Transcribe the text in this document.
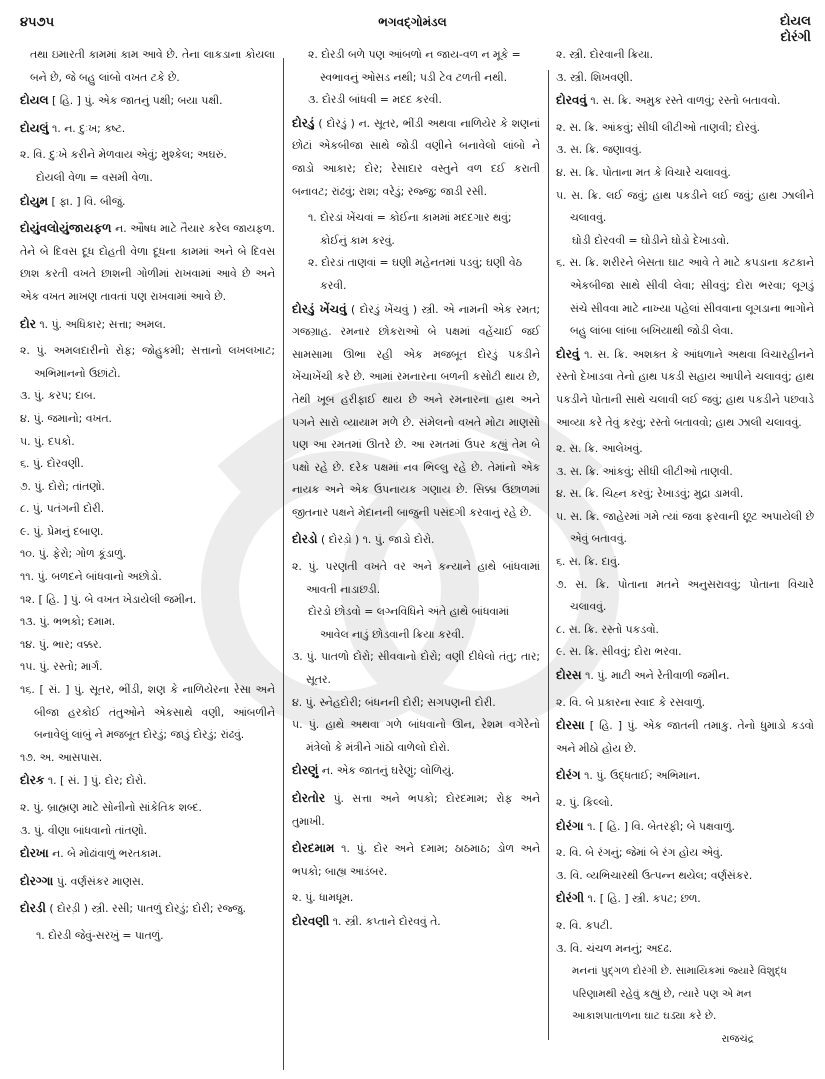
૪૫૭૫	ભગવદ્‌ગોમંડલ	દોયલ
દોરંગી

તથા ઇમારતી કામમાં કામ આવે છે. તેના લાકડાના કોયલા બને છે, જે બહુ લાંબો વખત ટકે છે.

દોયલ [ હિ. ] પું. એક જાતનું પક્ષી; બયા પક્ષી.

દોયલું ૧. ન. દુઃખ; કષ્ટ.

૨. વિ. દુઃખે કરીને મેળવાય એવું; મુશ્કેલ; અઘરું.

દોયલી વેળા = વસમી વેળા.

દોયુમ [ ફા. ] વિ. બીજું.

દોયુંવલોયુંજાયફળ ન. ઔષધ માટે તૈયાર કરેલ જાયફળ. તેને બે દિવસ દૂધ દોહતી વેળા દૂધના કામમાં અને બે દિવસ છાશ કરતી વખતે છાશની ગોળીમાં રાખવામાં આવે છે અને એક વખત માખણ તાવતાં પણ રાખવામાં આવે છે.

દોર ૧. પું. અધિકાર; સત્તા; અમલ.

૨. પું. અમલદારીનો રોફ; જોહુકમી; સત્તાનો લખલખાટ; અભિમાનનો ઉછાંટો.

૩. પું. કરપ; દાબ.

૪. પું. જમાનો; વખત.

૫. પું. દપકો.

૬. પું. દોરવણી.

૭. પું. દોરો; તાંતણો.

૮. પું. પતંગની દોરી.

૯. પું. પ્રેમનું દબાણ.

૧૦. પું. ફેરો; ગોળ કૂંડાળું.

૧૧. પું. બળદને બાંધવાનો અછોડો.

૧૨. [ હિ. ] પું. બે વખત ખેડાયેલી જમીન.

૧૩. પું. ભભકો; દમામ.

૧૪. પું. ભાર; વક્કર.

૧૫. પું. રસ્તો; માર્ગ.

૧૬. [ સં. ] પું. સૂતર, ભીંડી, શણ કે નાળિયેરના રેસા અને બીજા હરકોઈ તંતુઓને એકસાથે વણી, આંબળીને બનાવેલું લાંબું ને મજબૂત દોરડું; જાડું દોરડું; રાંઢવું.

૧૭. અ. આસપાસ.

દોરક ૧. [ સં. ] પું. દોર; દોરો.

૨. પું. બ્રાહ્મણ માટે સોનીનો સાંકેતિક શબ્દ.

૩. પું. વીણા બાંધવાનો તાંતણો.

દોરખા ન. બે મોઢાંવાળું ભરતકામ.

દોરગ્ગા પું. વર્ણસંકર માણસ.

દોરડી ( દોરડ઼ી ) સ્ત્રી. રસી; પાતળું દોરડું; દોરી; રજ્જુ.

૧. દોરડી જેવું-સરખું = પાતળું.

૨. દોરડી બળે પણ આંબળો ન જાય-વળ ન મૂકે = સ્વભાવનું ઓસડ નથી; પડી ટેવ ટળતી નથી.

૩. દોરડી બાંધવી = મદદ કરવી.

દોરડું ( દોરડ઼ું ) ન. સૂતર, ભીંડી અથવા નાળિયેર કે શણનાં છોટાં એકબીજા સાથે જોડી વણીને બનાવેલો લાંબો ને જાડો આકાર; દોર; રેસાદાર વસ્તુને વળ દઈ કરાતી બનાવટ; રાંઢવું; રાશ; વરેડું; રજ્જુ; જાડી રસી.

૧. દોરડાં ખેંચવાં = કોઈના કામમાં મદદગાર થવું; કોઈનું કામ કરવું.

૨. દોરડાં તાણવાં = ઘણી મહેનતમાં પડવું; ઘણી વેઠ કરવી.

દોરડું ખેંચવું ( દોરડ઼ું ખેંચવું ) સ્ત્રી. એ નામની એક રમત; ગજગ્રાહ. રમનાર છોકરાઓ બે પક્ષમાં વહેંચાઈ જઈ સામસામા ઊભા રહી એક મજબૂત દોરડું પકડીને ખેંચાખેંચી કરે છે. આમાં રમનારના બળની કસોટી થાય છે, તેથી ખૂબ હરીફાઈ થાય છે અને રમનારના હાથ અને પગને સારો વ્યાયામ મળે છે. સંમેલનો વખતે મોટા માણસો પણ આ રમતમાં ઊતરે છે. આ રમતમાં ઉપર કહ્યું તેમ બે પક્ષો રહે છે. દરેક પક્ષમાં નવ ભિલ્લુ રહે છે. તેમાંનો એક નાયક અને એક ઉપનાયક ગણાય છે. સિક્કા ઉછાળમાં જીતનાર પક્ષને મેદાનની બાજુની પસંદગી કરવાનું રહે છે.

દોરડો ( દોરડ઼ો ) ૧. પું. જાડો દોરો.

૨. પું. પરણતી વખતે વર અને કન્યાને હાથે બાંધવામાં આવતી નાડાછડી.

દોરડો છોડવો = લગ્નવિધિને અંતે હાથે બાંધવામાં આવેલ નાડું છોડવાની ક્રિયા કરવી.

૩. પું. પાતળો દોરો; સીવવાનો દોરો; વણી દીધેલો તંતુ; તાર; સૂતર.

૪. પું. સ્નેહદોરી; બંધનની દોરી; સગપણની દોરી.

૫. પું. હાથે અથવા ગળે બાંધવાનો ઊન, રેશમ વગેરેનો મંત્રેલો કે મંત્રીને ગાંઠો વાળેલો દોરો.

દોરણું ન. એક જાતનું ઘરેણું; લોળિયું.

દોરતોર પું. સત્તા અને ભપકો; દોરદમામ; રોફ અને તુમાખી.

દોરદમામ ૧. પું. દોર અને દમામ; ઠાઠમાઠ; ડોળ અને ભપકો; બાહ્ય આડંબર.

૨. પું. ધામધૂમ.

દોરવણી ૧. સ્ત્રી. કપ્તાને દોરવવું તે.

૨. સ્ત્રી. દોરવાની ક્રિયા.

૩. સ્ત્રી. શિખવણી.

દોરવવું ૧. સ. ક્રિ. અમુક રસ્તે વાળવું; રસ્તો બતાવવો.

૨. સ. ક્રિ. આંકવું; સીધી લીટીઓ તાણવી; દોરવું.

૩. સ. ક્રિ. જણાવવું.

૪. સ. ક્રિ. પોતાના મત કે વિચારે ચલાવવું.

૫. સ. ક્રિ. લઈ જવું; હાથ પકડીને લઈ જવું; હાથ ઝાલીને ચલાવવું.

ઘોડી દોરવવી = ઘોડીને ઘોડો દેખાડવો.

૬. સ. ક્રિ. શરીરને બેસતા ઘાટ આવે તે માટે કપડાના કટકાને એકબીજા સાથે સીવી લેવા; સીવવું; દોરા ભરવા; લૂગડું સંચે સીવવા માટે નાખ્યા પહેલાં સીવવાના લૂગડાના ભાગોને બહુ લાંબા લાંબા બખિયાથી જોડી લેવા.

દોરવું ૧. સ. ક્રિ. અશક્ત કે આંધળાને અથવા વિચારહીનને રસ્તો દેખાડવા તેનો હાથ પકડી સહાય આપીને ચલાવવું; હાથ પકડીને પોતાની સાથે ચલાવી લઈ જવું; હાથ પકડીને પછવાડે આવ્યા કરે તેવું કરવું; રસ્તો બતાવવો; હાથ ઝાલી ચલાવવું.

૨. સ. ક્રિ. આલેખવું.

૩. સ. ક્રિ. આંકવું; સીધી લીટીઓ તાણવી.

૪. સ. ક્રિ. ચિહ્ન કરવું; રેખાડવું; મુદ્રા ડામવી.

૫. સ. ક્રિ. જાહેરમાં ગમે ત્યાં જવા ફરવાની છૂટ અપાયેલી છે એવું બતાવવું.

૬. સ. ક્રિ. દાવું.

૭. સ. ક્રિ. પોતાના મતને અનુસરાવવું; પોતાના વિચારે ચલાવવું.

૮. સ. ક્રિ. રસ્તો પકડવો.

૯. સ. ક્રિ. સીવવું; દોરા ભરવા.

દોરસ ૧. પું. માટી અને રેતીવાળી જમીન.

૨. વિ. બે પ્રકારના સ્વાદ કે રસવાળું.

દોરસા [ હિ. ] પું. એક જાતની તમાકુ. તેનો ધુમાડો કડવો અને મીઠો હોય છે.

દોરંગ ૧. પું. ઉદ્ધતાઈ; અભિમાન.

૨. પું. કિલ્લો.

દોરંગા ૧. [ હિ. ] વિ. બેતરફી; બે પક્ષવાળું.

૨. વિ. બે રંગનું; જેમાં બે રંગ હોય એવું.

૩. વિ. વ્યભિચારથી ઉત્પન્ન થયેલ; વર્ણસંકર.

દોરંગી ૧. [ હિ. ] સ્ત્રી. કપટ; છળ.

૨. વિ. કપટી.

૩. વિ. ચંચળ મનનું; અદઢ.

મનનાં પુદ્‌ગળ દોરંગી છે. સામાયિકમાં જ્યારે વિશુદ્ધ પરિણામથી રહેવું કહ્યું છે, ત્યારે પણ એ મન આકાશપાતાળના ઘાટ ઘડ્યા કરે છે.

રાજચંદ્ર
